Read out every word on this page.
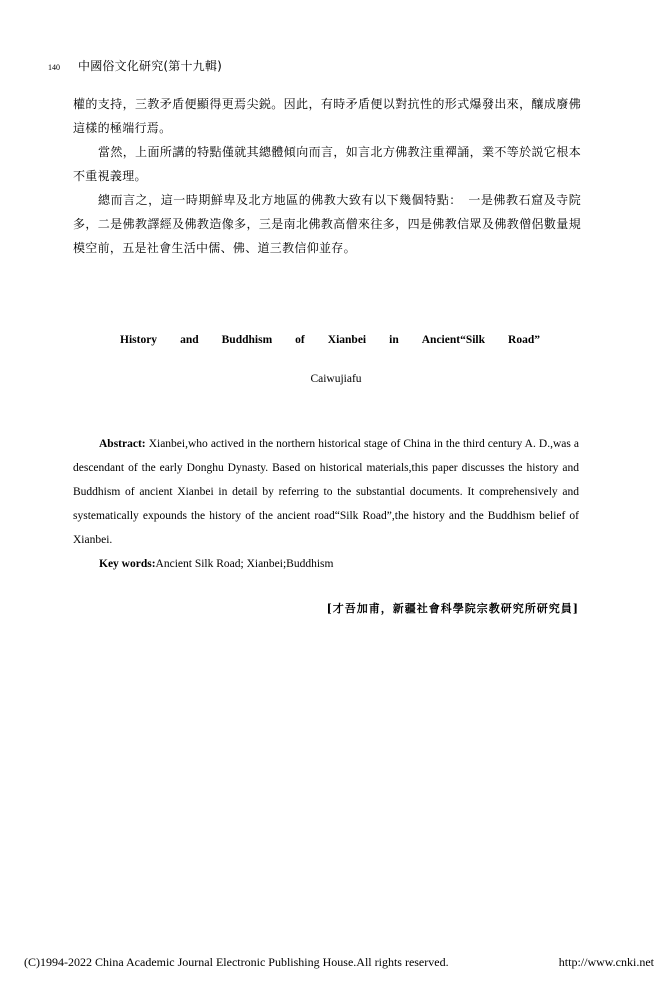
140 中國俗文化研究(第十九輯)

權的支持，三教矛盾便顯得更焉尖鋭。因此，有時矛盾便以對抗性的形式爆發出來，釀成廢佛這樣的極端行焉。

當然，上面所講的特點僅就其總體傾向而言，如言北方佛教注重禪誦，業不等於説它根本不重視義理。

總而言之，這一時期鮮卑及北方地區的佛教大致有以下幾個特點：　一是佛教石窟及寺院多，二是佛教譯經及佛教造像多，三是南北佛教高僧來往多，四是佛教信眾及佛教僧侶數量規模空前，五是社會生活中儒、佛、道三教信仰並存。

History and Buddhism of Xianbei in Ancient“Silk Road”
Caiwujiafu

Abstract: Xianbei,who actived in the northern historical stage of China in the third century A. D.,was a descendant of the early Donghu Dynasty. Based on historical materials,this paper discusses the history and Buddhism of ancient Xianbei in detail by referring to the substantial documents. It comprehensively and systematically expounds the history of the ancient road“Silk Road”,the history and the Buddhism belief of Xianbei.

Key words:Ancient Silk Road; Xianbei;Buddhism

[才吾加甫，新疆社會科學院宗教研究所研究員]
(C)1994-2022 China Academic Journal Electronic Publishing House.All rights reserved.	http://www.cnki.net
